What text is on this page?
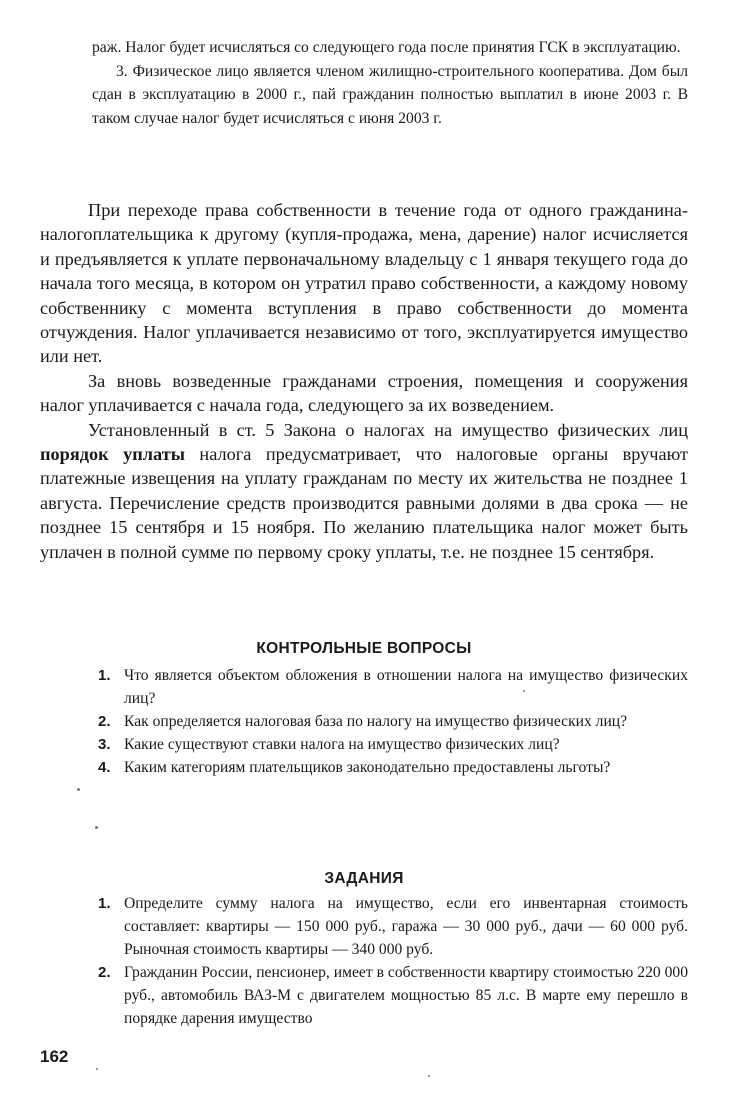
раж. Налог будет исчисляться со следующего года после принятия ГСК в эксплуатацию.

3. Физическое лицо является членом жилищно-строительного кооператива. Дом был сдан в эксплуатацию в 2000 г., пай гражданин полностью выплатил в июне 2003 г. В таком случае налог будет исчисляться с июня 2003 г.

При переходе права собственности в течение года от одного гражданина-налогоплательщика к другому (купля-продажа, мена, дарение) налог исчисляется и предъявляется к уплате первоначальному владельцу с 1 января текущего года до начала того месяца, в котором он утратил право собственности, а каждому новому собственнику с момента вступления в право собственности до момента отчуждения. Налог уплачивается независимо от того, эксплуатируется имущество или нет.

За вновь возведенные гражданами строения, помещения и сооружения налог уплачивается с начала года, следующего за их возведением.

Установленный в ст. 5 Закона о налогах на имущество физических лиц порядок уплаты налога предусматривает, что налоговые органы вручают платежные извещения на уплату гражданам по месту их жительства не позднее 1 августа. Перечисление средств производится равными долями в два срока — не позднее 15 сентября и 15 ноября. По желанию плательщика налог может быть уплачен в полной сумме по первому сроку уплаты, т.е. не позднее 15 сентября.

КОНТРОЛЬНЫЕ ВОПРОСЫ
1. Что является объектом обложения в отношении налога на имущество физических лиц?
2. Как определяется налоговая база по налогу на имущество физических лиц?
3. Какие существуют ставки налога на имущество физических лиц?
4. Каким категориям плательщиков законодательно предоставлены льготы?
ЗАДАНИЯ
1. Определите сумму налога на имущество, если его инвентарная стоимость составляет: квартиры — 150 000 руб., гаража — 30 000 руб., дачи — 60 000 руб. Рыночная стоимость квартиры — 340 000 руб.
2. Гражданин России, пенсионер, имеет в собственности квартиру стоимостью 220 000 руб., автомобиль ВАЗ-М с двигателем мощностью 85 л.с. В марте ему перешло в порядке дарения имущество
162
